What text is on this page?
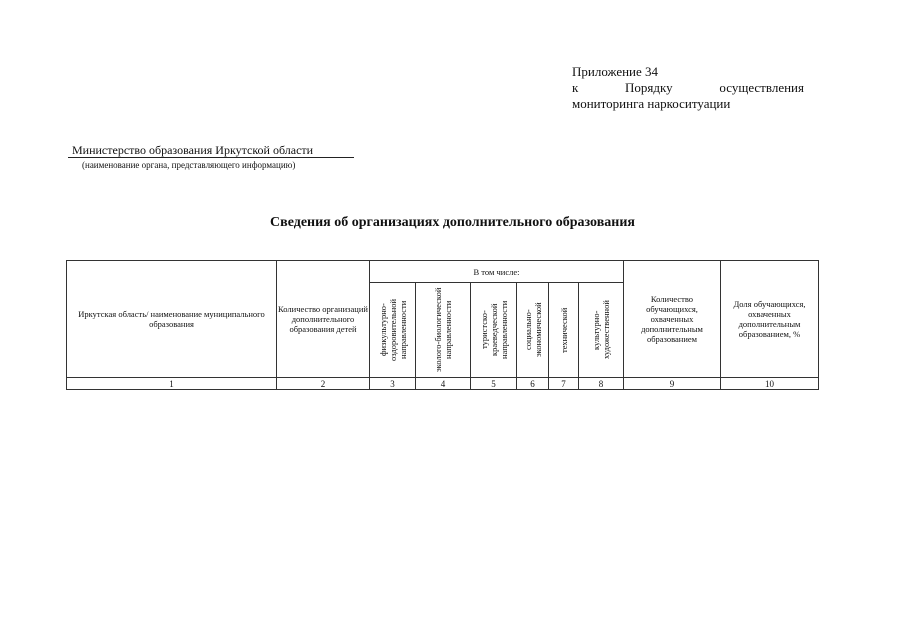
Приложение 34
к	Порядку	осуществления
мониторинга наркоситуации
Министерство образования Иркутской области
(наименование органа, представляющего информацию)
Сведения об организациях дополнительного образования
Иркутская область/ наименование муниципального образования	Количество организаций дополнительного образования детей	В том числе:						Количество обучающихся, охваченных дополнительным образованием	Доля обучающихся, охваченных дополнительным образованием, %

физкультурно-оздоровительной направленности	эколого-биологической направленности	туристско-краеведческой направленности	социально-экономической	технической	культурно-художественной		

1	2	3	4	5	6	7	8	9	10
